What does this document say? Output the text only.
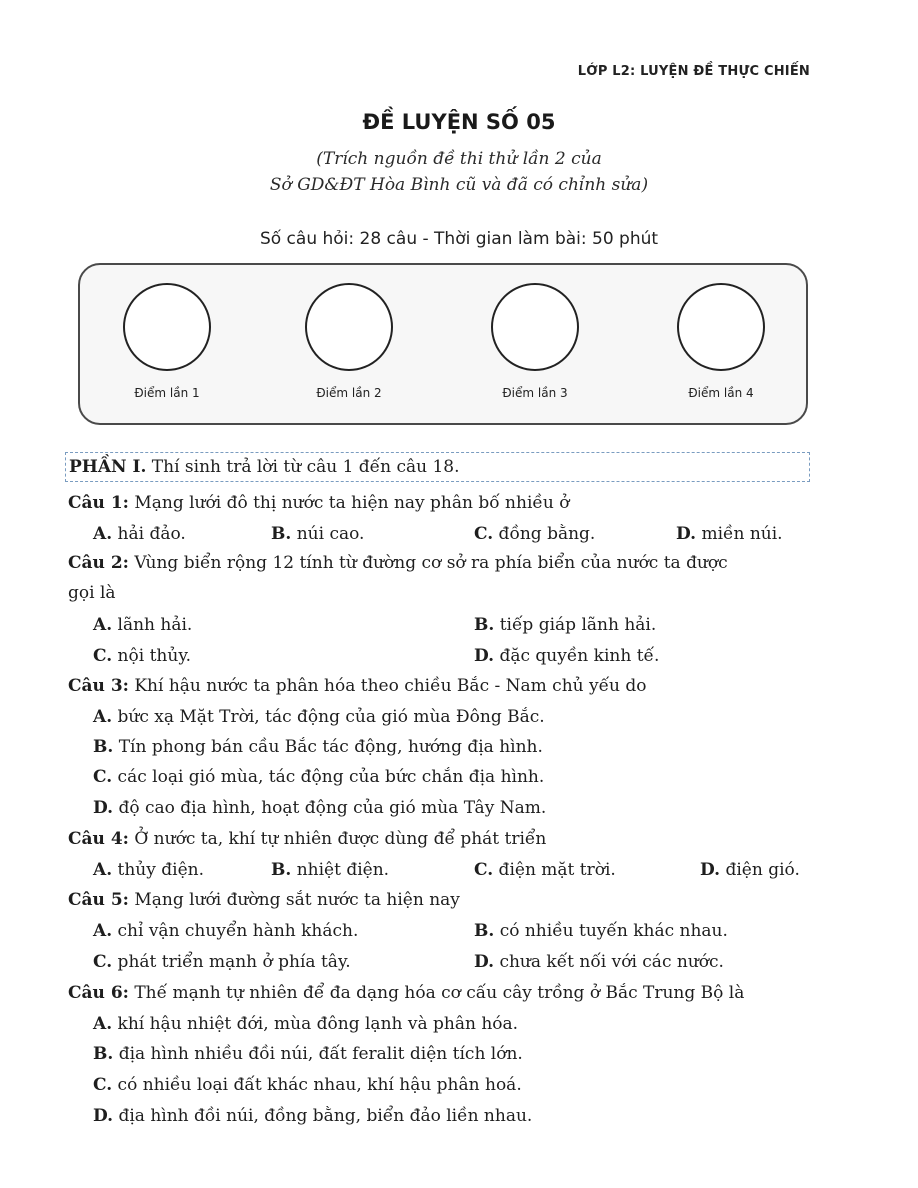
LỚP L2: LUYỆN ĐỀ THỰC CHIẾN
ĐỀ LUYỆN SỐ 05
(Trích nguồn đề thi thử lần 2 của
Sở GD&ĐT Hòa Bình cũ và đã có chỉnh sửa)
Số câu hỏi: 28 câu - Thời gian làm bài: 50 phút
Điểm lần 1	Điểm lần 2	Điểm lần 3	Điểm lần 4
PHẦN I. Thí sinh trả lời từ câu 1 đến câu 18.
Câu 1: Mạng lưới đô thị nước ta hiện nay phân bố nhiều ở
A. hải đảo.	B. núi cao.	C. đồng bằng.	D. miền núi.
Câu 2: Vùng biển rộng 12 tính từ đường cơ sở ra phía biển của nước ta được
gọi là
A. lãnh hải.	B. tiếp giáp lãnh hải.
C. nội thủy.	D. đặc quyền kinh tế.
Câu 3: Khí hậu nước ta phân hóa theo chiều Bắc - Nam chủ yếu do
A. bức xạ Mặt Trời, tác động của gió mùa Đông Bắc.
B. Tín phong bán cầu Bắc tác động, hướng địa hình.
C. các loại gió mùa, tác động của bức chắn địa hình.
D. độ cao địa hình, hoạt động của gió mùa Tây Nam.
Câu 4: Ở nước ta, khí tự nhiên được dùng để phát triển
A. thủy điện.	B. nhiệt điện.	C. điện mặt trời.	D. điện gió.
Câu 5: Mạng lưới đường sắt nước ta hiện nay
A. chỉ vận chuyển hành khách.	B. có nhiều tuyến khác nhau.
C. phát triển mạnh ở phía tây.	D. chưa kết nối với các nước.
Câu 6: Thế mạnh tự nhiên để đa dạng hóa cơ cấu cây trồng ở Bắc Trung Bộ là
A. khí hậu nhiệt đới, mùa đông lạnh và phân hóa.
B. địa hình nhiều đồi núi, đất feralit diện tích lớn.
C. có nhiều loại đất khác nhau, khí hậu phân hoá.
D. địa hình đồi núi, đồng bằng, biển đảo liền nhau.
